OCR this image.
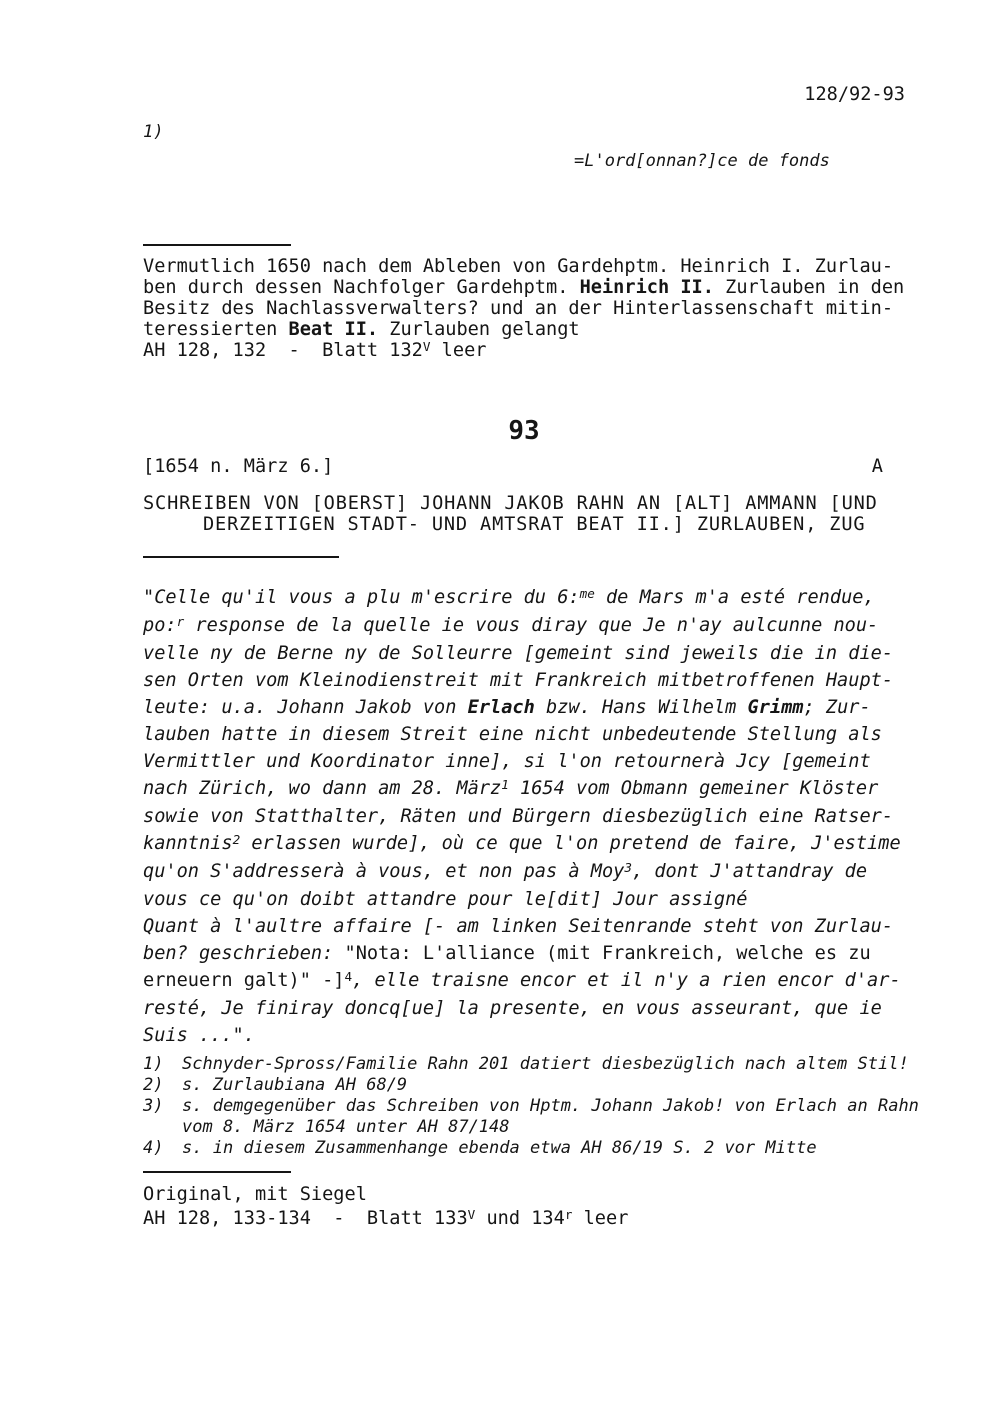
128/92-93
1)
=L'ord[onnan?]ce de fonds
Vermutlich 1650 nach dem Ableben von Gardehptm. Heinrich I. Zurlau-
ben durch dessen Nachfolger Gardehptm. Heinrich II. Zurlauben in den
Besitz des Nachlassverwalters? und an der Hinterlassenschaft mitin-
teressierten Beat II. Zurlauben gelangt
AH 128, 132  -  Blatt $132^V$ leer
93
[1654 n. März 6.]	A
SCHREIBEN VON [OBERST] JOHANN JAKOB RAHN AN [ALT] AMMANN [UND
DERZEITIGEN STADT- UND AMTSRAT BEAT II.] ZURLAUBEN, ZUG
"Celle qu'il vous a plu m'escrire du 6:$^{me}$ de Mars m'a esté rendue,
po:$^r$ response de la quelle ie vous diray que Je n'ay aulcunne nou-
velle ny de Berne ny de Solleurre [gemeint sind jeweils die in die-
sen Orten vom Kleinodienstreit mit Frankreich mitbetroffenen Haupt-
leute: u.a. Johann Jakob von Erlach bzw. Hans Wilhelm Grimm; Zur-
lauben hatte in diesem Streit eine nicht unbedeutende Stellung als
Vermittler und Koordinator inne], si l'on retournerà Jcy [gemeint
nach Zürich, wo dann am 28. März$^1$ 1654 vom Obmann gemeiner Klöster
sowie von Statthalter, Räten und Bürgern diesbezüglich eine Ratser-
kanntnis$^2$ erlassen wurde], où ce que l'on pretend de faire, J'estime
qu'on S'addresserà à vous, et non pas à Moy$^3$, dont J'attandray de
vous ce qu'on doibt attandre pour le[dit] Jour assigné
Quant à l'aultre affaire [- am linken Seitenrande steht von Zurlau-
ben? geschrieben: "Nota: L'alliance (mit Frankreich, welche es zu
erneuern galt)" -]$^4$, elle traisne encor et il n'y a rien encor d'ar-
resté, Je finiray doncq[ue] la presente, en vous asseurant, que ie
Suis ...".
1)	Schnyder-Spross/Familie Rahn 201 datiert diesbezüglich nach altem Stil!
2)	s. Zurlaubiana AH 68/9
3)	s. demgegenüber das Schreiben von Hptm. Johann Jakob! von Erlach an Rahn
vom 8. März 1654 unter AH 87/148
4)	s. in diesem Zusammenhange ebenda etwa AH 86/19 S. 2 vor Mitte
Original, mit Siegel
AH 128, 133-134  -  Blatt $133^V$ und 134$^r$ leer
